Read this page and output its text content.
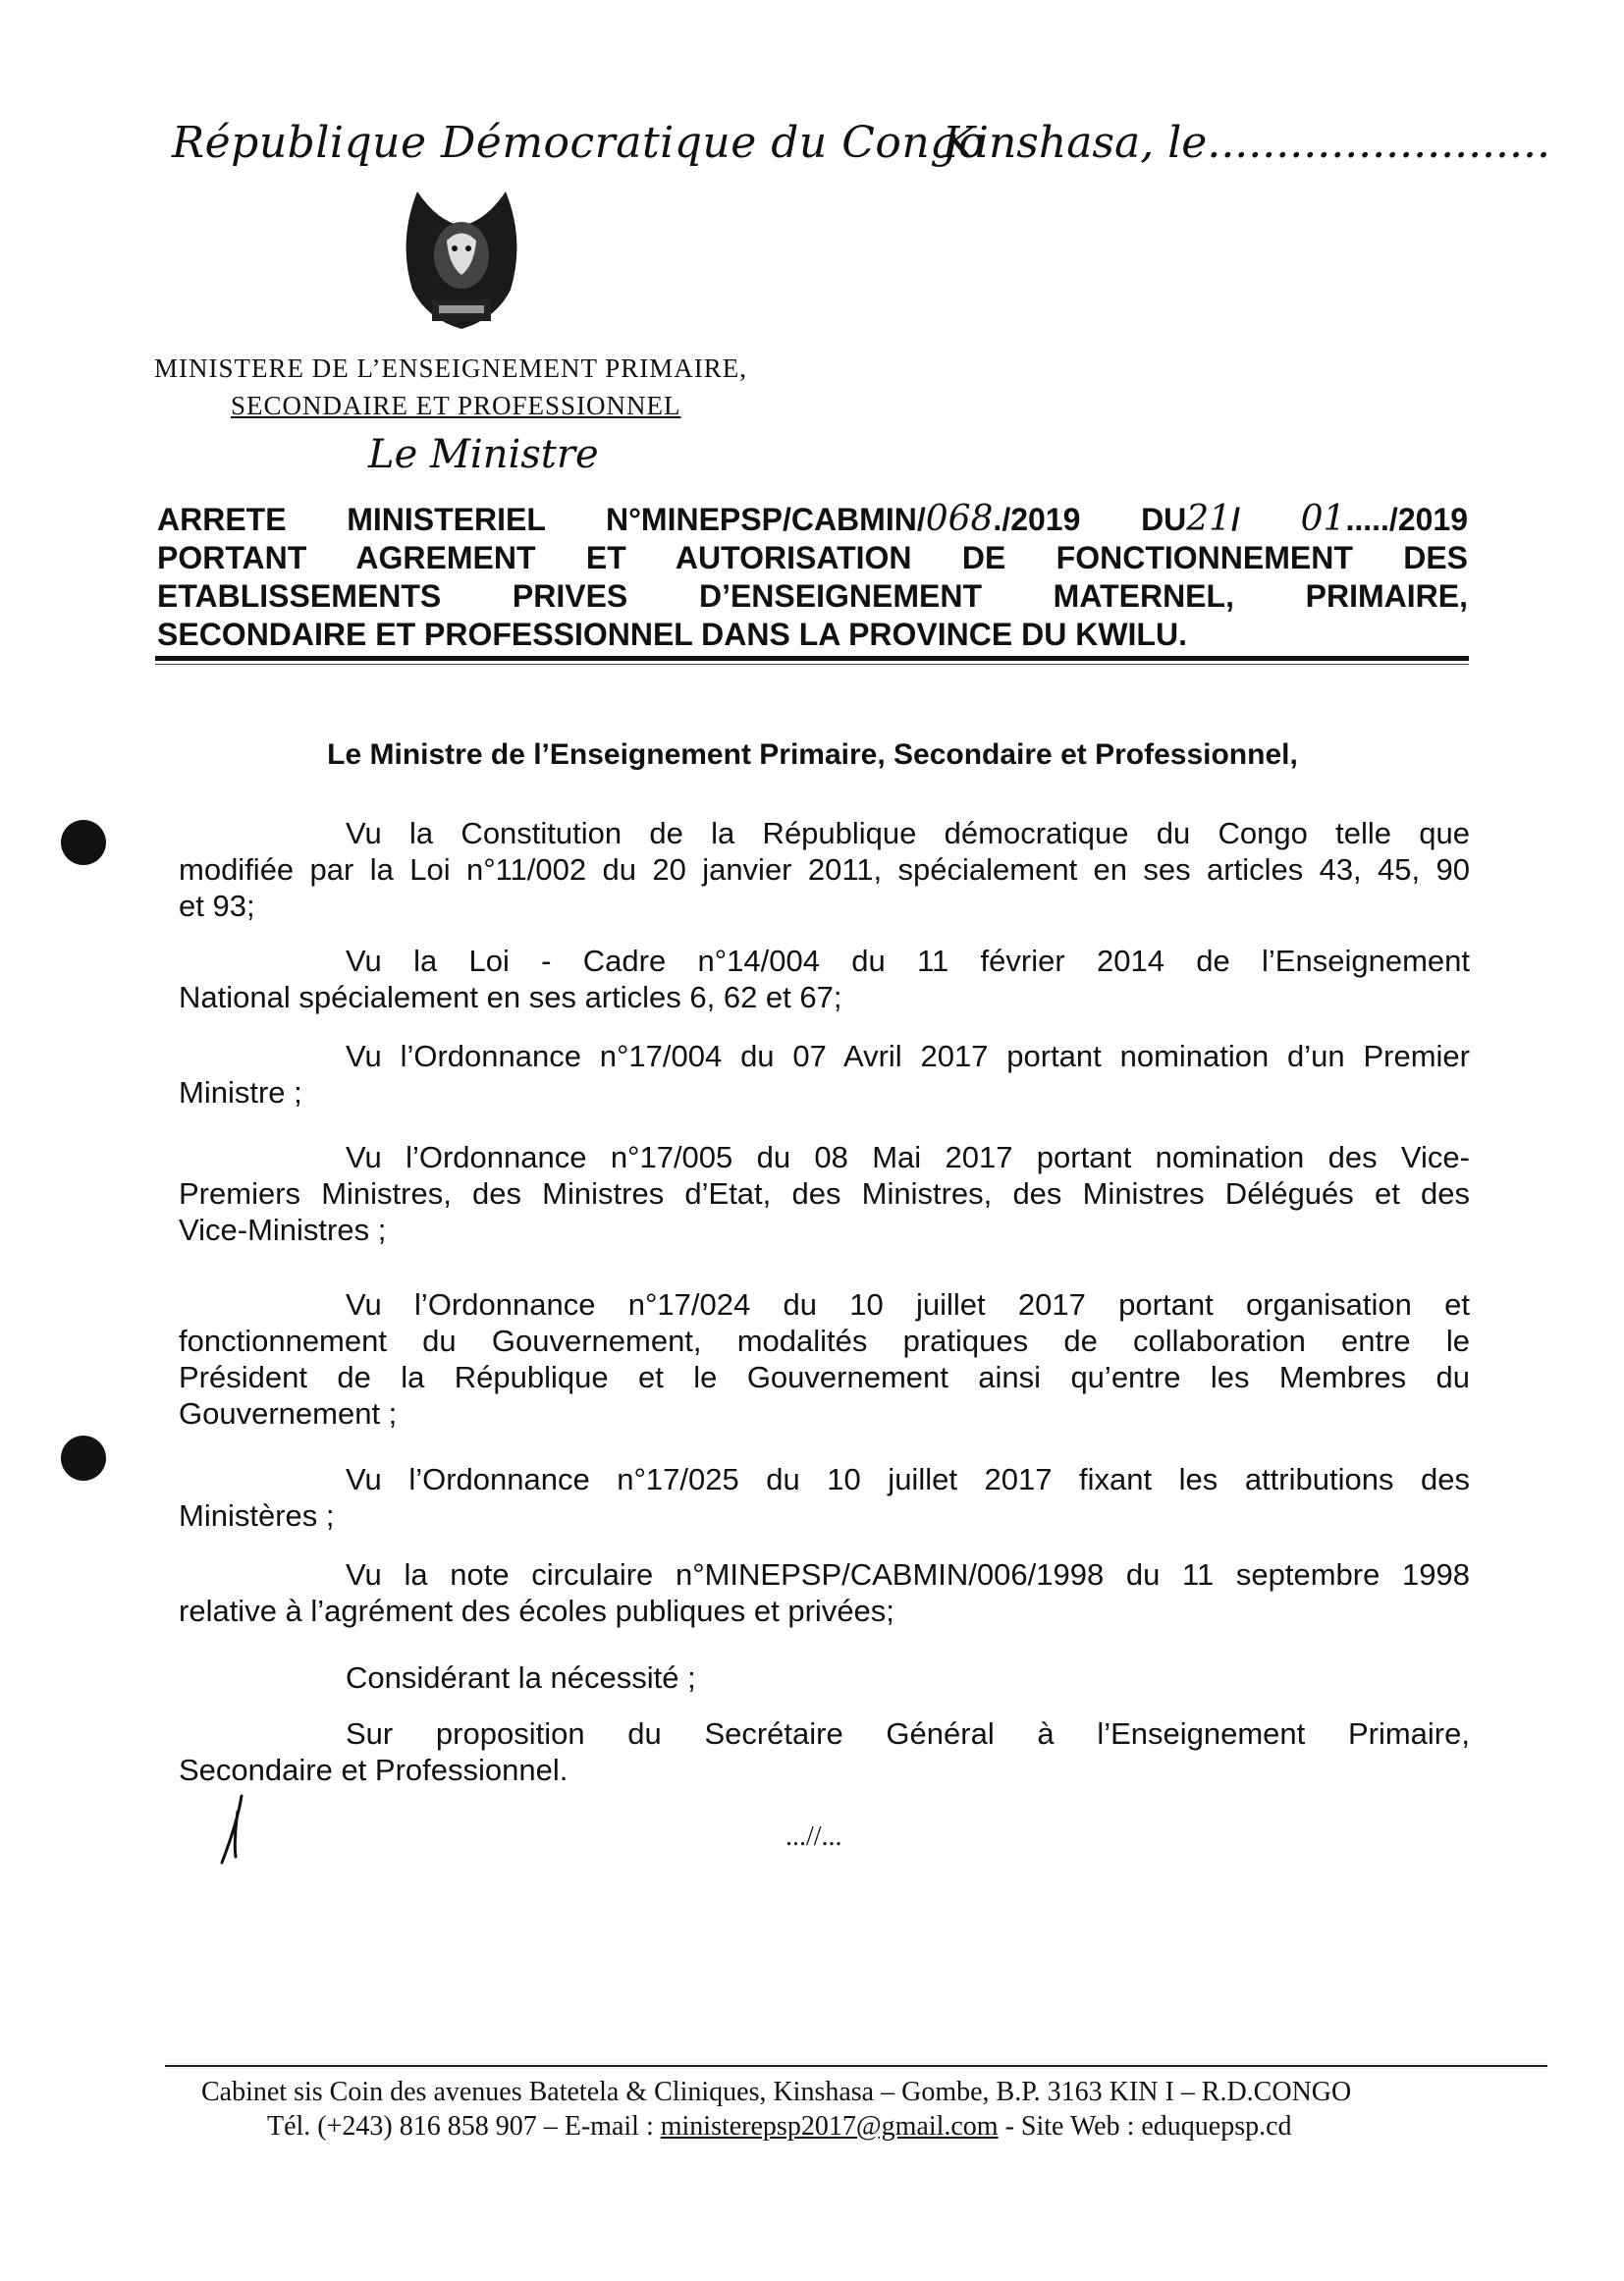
République Démocratique du Congo
Kinshasa, le.........................
MINISTERE DE L’ENSEIGNEMENT PRIMAIRE,
SECONDAIRE ET PROFESSIONNEL
Le Ministre
ARRETE MINISTERIEL N°MINEPSP/CABMIN/068./2019 DU21/ 01...../2019
PORTANT AGREMENT ET AUTORISATION DE FONCTIONNEMENT DES
ETABLISSEMENTS PRIVES D’ENSEIGNEMENT MATERNEL, PRIMAIRE,
SECONDAIRE ET PROFESSIONNEL DANS LA PROVINCE DU KWILU.
Le Ministre de l’Enseignement Primaire, Secondaire et Professionnel,
Vu la Constitution de la République démocratique du Congo telle que
modifiée par la Loi n°11/002 du 20 janvier 2011, spécialement en ses articles 43, 45, 90
et 93;
Vu la Loi - Cadre n°14/004 du 11 février 2014 de l’Enseignement
National spécialement en ses articles 6, 62 et 67;
Vu l’Ordonnance n°17/004 du 07 Avril 2017 portant nomination d’un Premier
Ministre ;
Vu l’Ordonnance n°17/005 du 08 Mai 2017 portant nomination des Vice-
Premiers Ministres, des Ministres d’Etat, des Ministres, des Ministres Délégués et des
Vice-Ministres ;
Vu l’Ordonnance n°17/024 du 10 juillet 2017 portant organisation et
fonctionnement du Gouvernement, modalités pratiques de collaboration entre le
Président de la République et le Gouvernement ainsi qu’entre les Membres du
Gouvernement ;
Vu l’Ordonnance n°17/025 du 10 juillet 2017 fixant les attributions des
Ministères ;
Vu la note circulaire n°MINEPSP/CABMIN/006/1998 du 11 septembre 1998
relative à l’agrément des écoles publiques et privées;
Considérant la nécessité ;
Sur proposition du Secrétaire Général à l’Enseignement Primaire,
Secondaire et Professionnel.
...//...
Cabinet sis Coin des avenues Batetela & Cliniques, Kinshasa – Gombe, B.P. 3163 KIN I – R.D.CONGO
Tél. (+243) 816 858 907 – E-mail : ministerepsp2017@gmail.com - Site Web : eduquepsp.cd
